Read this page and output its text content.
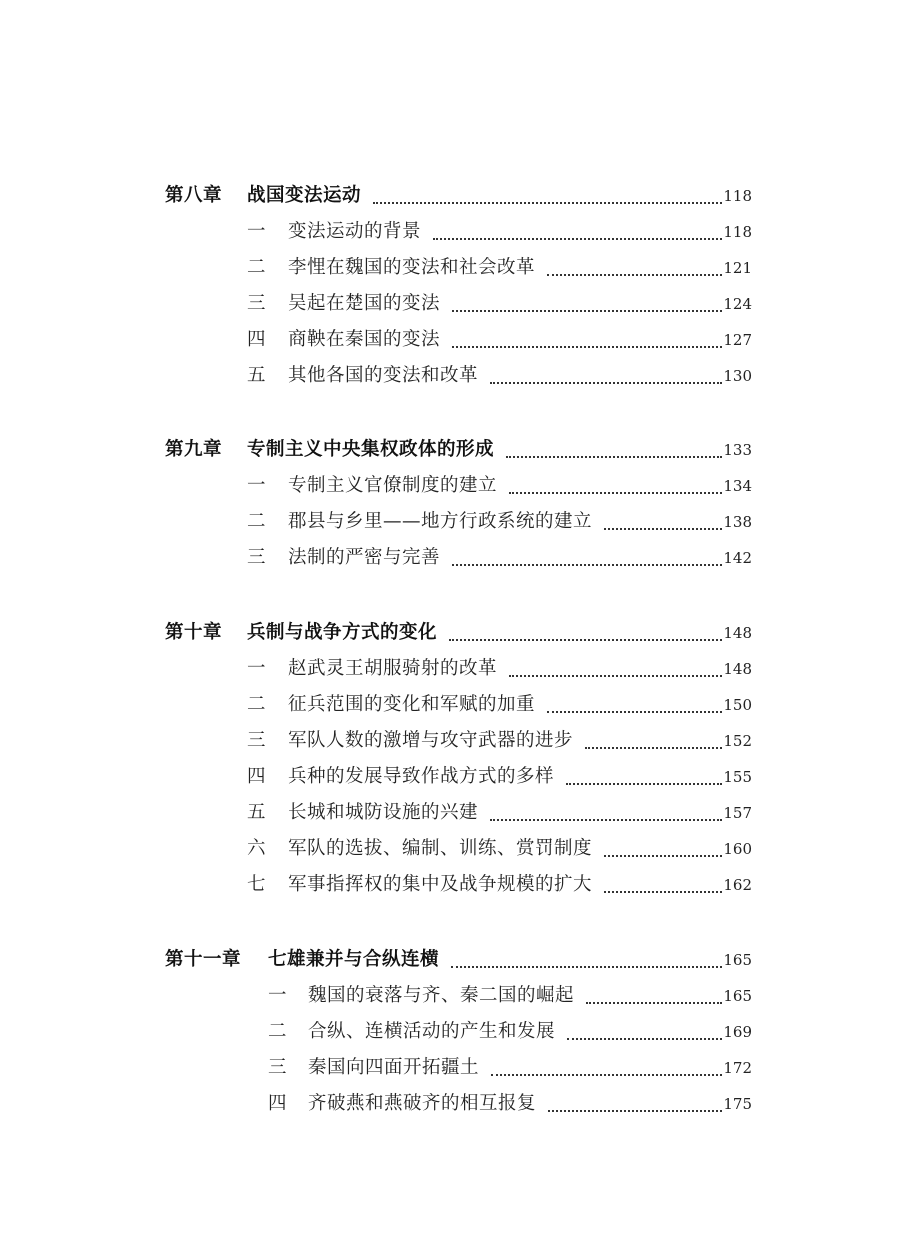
第八章 战国变法运动	118
一 变法运动的背景	118
二 李悝在魏国的变法和社会改革	121
三 吴起在楚国的变法	124
四 商鞅在秦国的变法	127
五 其他各国的变法和改革	130
第九章 专制主义中央集权政体的形成	133
一 专制主义官僚制度的建立	134
二 郡县与乡里——地方行政系统的建立	138
三 法制的严密与完善	142
第十章 兵制与战争方式的变化	148
一 赵武灵王胡服骑射的改革	148
二 征兵范围的变化和军赋的加重	150
三 军队人数的激增与攻守武器的进步	152
四 兵种的发展导致作战方式的多样	155
五 长城和城防设施的兴建	157
六 军队的选拔、编制、训练、赏罚制度	160
七 军事指挥权的集中及战争规模的扩大	162
第十一章 七雄兼并与合纵连横	165
一 魏国的衰落与齐、秦二国的崛起	165
二 合纵、连横活动的产生和发展	169
三 秦国向四面开拓疆土	172
四 齐破燕和燕破齐的相互报复	175
